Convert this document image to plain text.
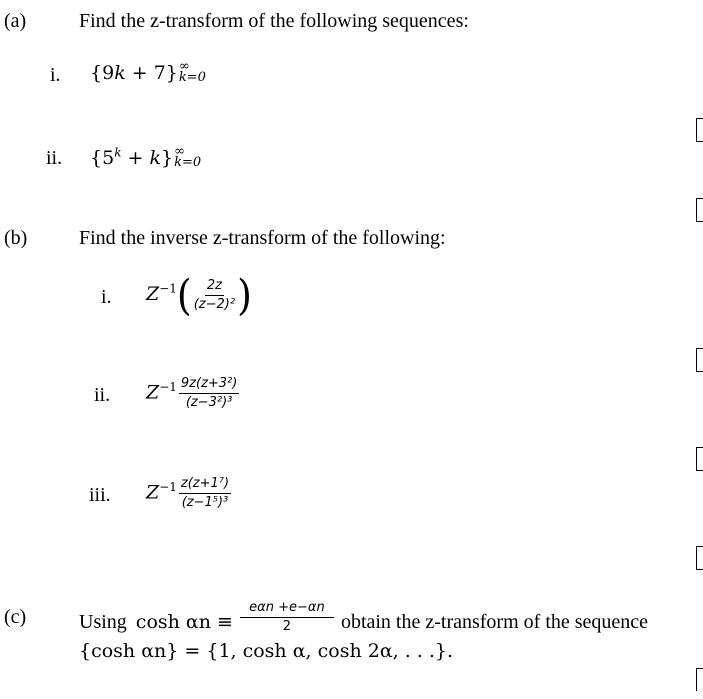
(a)	Find the z-transform of the following sequences:
i. {9k + 7} ∞
k=0
ii. $\{5^k + k\}$ ∞
k=0
(b)	Find the inverse z-transform of the following:
i. $Z^{-1}( \frac{2z}{\text{(z−2)²}}$ )
ii. $Z^{-1} \frac{\text{9z(z+3²)}}{\text{(z−3²)³}}$
iii. $Z^{-1} \frac{\text{z(z+1⁷)}}{\text{(z−1⁵)³}}$
(c)	Using $\cosh \alpha n \equiv \frac{\text{eαn +e−αn}}{2}$ obtain the z-transform of the sequence
{cosh αn} = {1, cosh α, cosh 2α, . . .}.
